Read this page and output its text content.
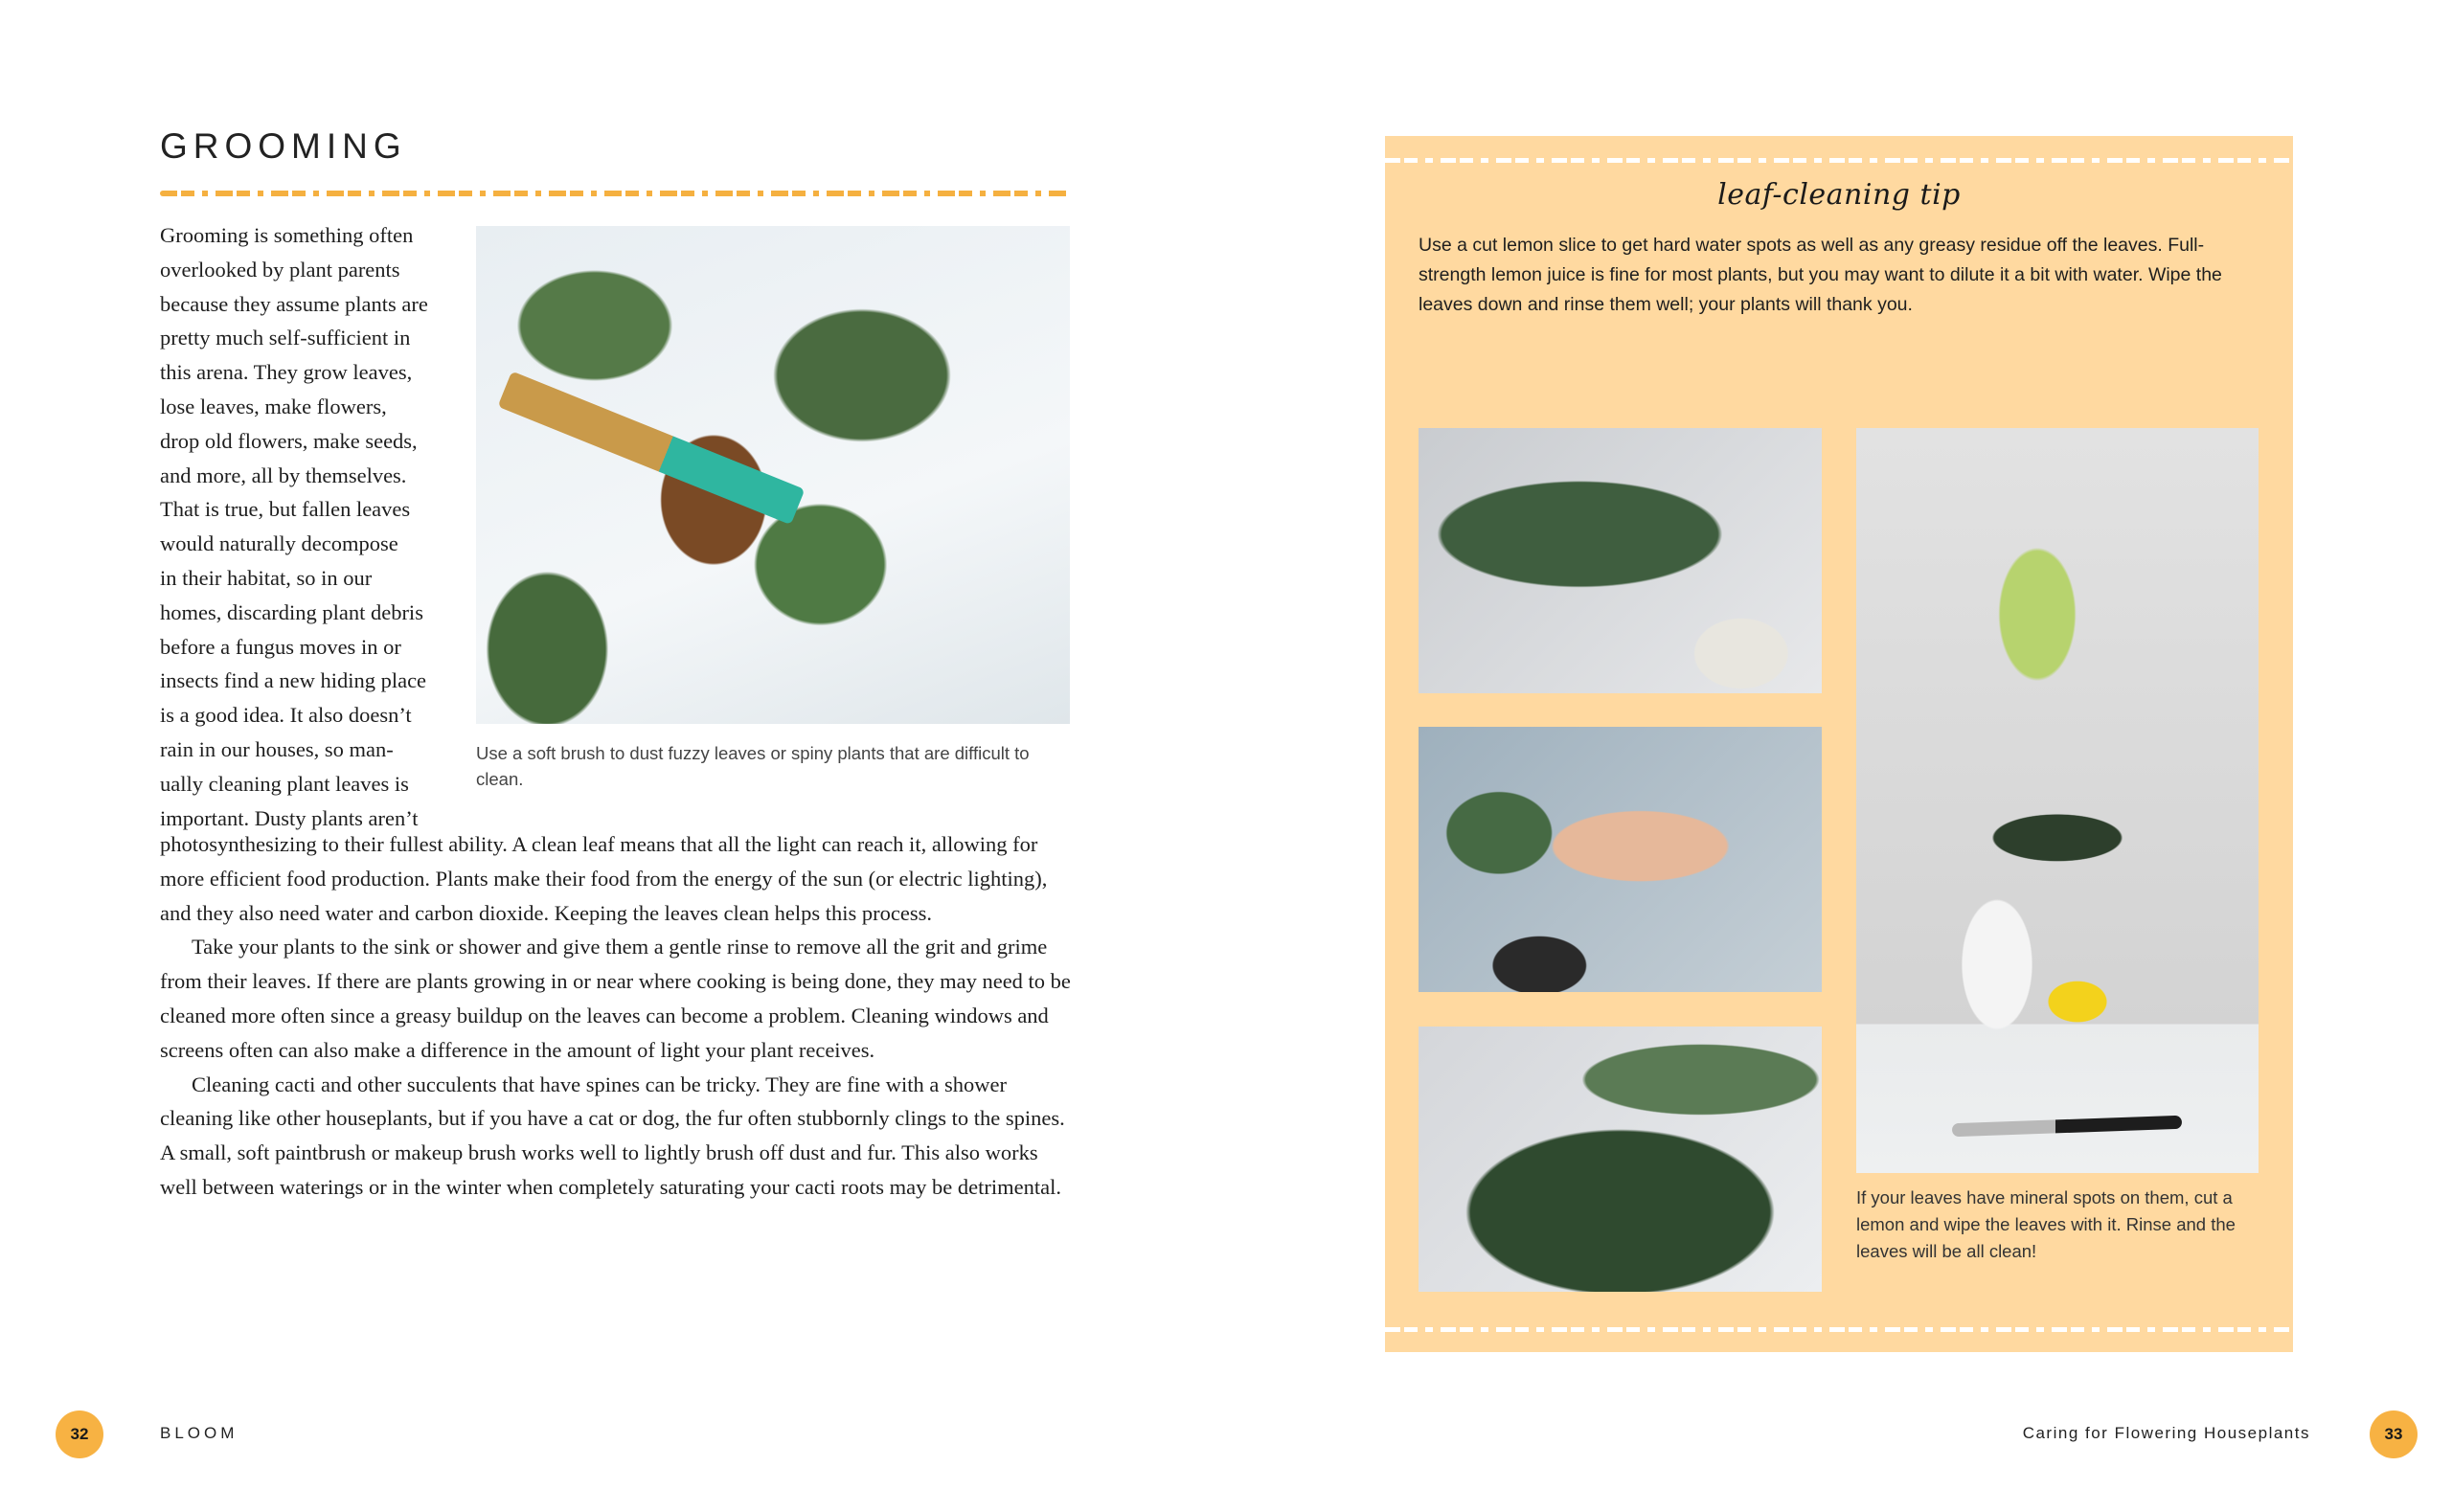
GROOMING
Grooming is something often
overlooked by plant parents
because they assume plants are
pretty much self-sufficient in
this arena. They grow leaves,
lose leaves, make flowers,
drop old flowers, make seeds,
and more, all by themselves.
That is true, but fallen leaves
would naturally decompose
in their habitat, so in our
homes, discarding plant debris
before a fungus moves in or
insects find a new hiding place
is a good idea. It also doesn’t
rain in our houses, so man-
ually cleaning plant leaves is
important. Dusty plants aren’t
Use a soft brush to dust fuzzy leaves or spiny plants that are difficult to clean.

photosynthesizing to their fullest ability. A clean leaf means that all the light can reach it, allowing for more efficient food production. Plants make their food from the energy of the sun (or electric lighting), and they also need water and carbon dioxide. Keeping the leaves clean helps this process.

Take your plants to the sink or shower and give them a gentle rinse to remove all the grit and grime from their leaves. If there are plants growing in or near where cooking is being done, they may need to be cleaned more often since a greasy buildup on the leaves can become a problem. Cleaning windows and screens often can also make a difference in the amount of light your plant receives.

Cleaning cacti and other succulents that have spines can be tricky. They are fine with a shower cleaning like other houseplants, but if you have a cat or dog, the fur often stubbornly clings to the spines. A small, soft paintbrush or makeup brush works well to lightly brush off dust and fur. This also works well between waterings or in the winter when completely saturating your cacti roots may be detrimental.

leaf-cleaning tip
Use a cut lemon slice to get hard water spots as well as any greasy residue off the leaves. Full-strength lemon juice is fine for most plants, but you may want to dilute it a bit with water. Wipe the leaves down and rinse them well; your plants will thank you.
If your leaves have mineral spots on them, cut a lemon and wipe the leaves with it. Rinse and the leaves will be all clean!
32	BLOOM	Caring for Flowering Houseplants	33
